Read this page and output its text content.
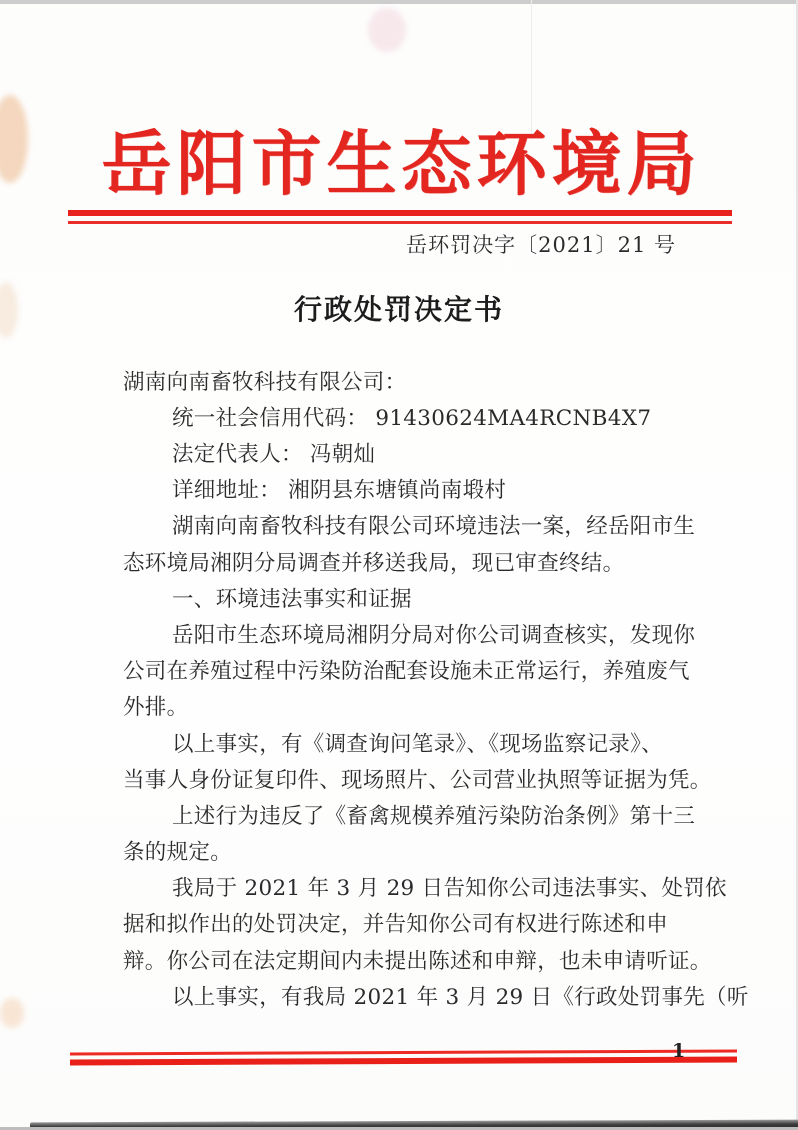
岳阳市生态环境局
岳环罚决字〔2021〕21 号
行政处罚决定书
湖南向南畜牧科技有限公司：
统一社会信用代码： 91430624MA4RCNB4X7
法定代表人： 冯朝灿
详细地址： 湘阴县东塘镇尚南塅村
湖南向南畜牧科技有限公司环境违法一案，经岳阳市生
态环境局湘阴分局调查并移送我局，现已审查终结。
一、环境违法事实和证据
岳阳市生态环境局湘阴分局对你公司调查核实，发现你
公司在养殖过程中污染防治配套设施未正常运行，养殖废气
外排。
以上事实，有《调查询问笔录》、《现场监察记录》、
当事人身份证复印件、现场照片、公司营业执照等证据为凭。
上述行为违反了《畜禽规模养殖污染防治条例》第十三
条的规定。
我局于 2021 年 3 月 29 日告知你公司违法事实、处罚依
据和拟作出的处罚决定，并告知你公司有权进行陈述和申
辩。你公司在法定期间内未提出陈述和申辩，也未申请听证。
以上事实，有我局 2021 年 3 月 29 日《行政处罚事先（听
1
